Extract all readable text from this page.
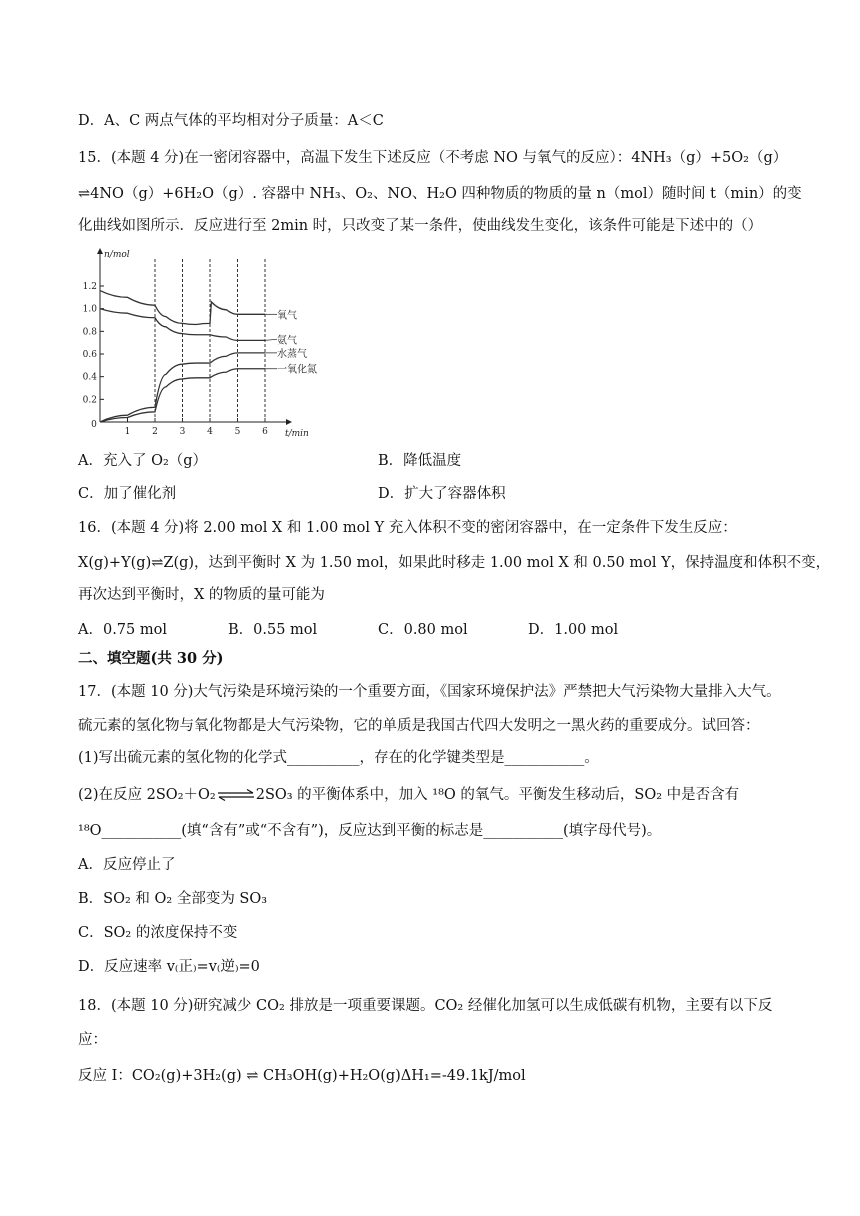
D．A、C 两点气体的平均相对分子质量：A＜C
15．(本题 4 分)在一密闭容器中，高温下发生下述反应（不考虑 NO 与氧气的反应）：4NH₃（g）+5O₂（g）
⇌4NO（g）+6H₂O（g）. 容器中 NH₃、O₂、NO、H₂O 四种物质的物质的量 n（mol）随时间 t（min）的变
化曲线如图所示．反应进行至 2min 时，只改变了某一条件，使曲线发生变化，该条件可能是下述中的（）
n/mol
t/min
0.2
0.4
0.6
0.8
1.0
1.2
0
1 2 3 4 5 6
氧气
氨气
水蒸气
一氧化氮
A．充入了 O₂（g）	B．降低温度
C．加了催化剂	D．扩大了容器体积
16．(本题 4 分)将 2.00 mol X 和 1.00 mol Y 充入体积不变的密闭容器中，在一定条件下发生反应：
X(g)+Y(g)⇌Z(g)，达到平衡时 X 为 1.50 mol，如果此时移走 1.00 mol X 和 0.50 mol Y，保持温度和体积不变，
再次达到平衡时，X 的物质的量可能为
A．0.75 mol	B．0.55 mol	C．0.80 mol	D．1.00 mol
二、填空题(共 30 分)
17．(本题 10 分)大气污染是环境污染的一个重要方面，《国家环境保护法》严禁把大气污染物大量排入大气。
硫元素的氢化物与氧化物都是大气污染物，它的单质是我国古代四大发明之一黑火药的重要成分。试回答：
(1)写出硫元素的氢化物的化学式__________，存在的化学键类型是___________。
(2)在反应 2SO₂＋O₂⇌2SO₃ 的平衡体系中，加入 ¹⁸O 的氧气。平衡发生移动后，SO₂ 中是否含有
¹⁸O___________(填“含有”或“不含有”)，反应达到平衡的标志是___________(填字母代号)。
A．反应停止了
B．SO₂ 和 O₂ 全部变为 SO₃
C．SO₂ 的浓度保持不变
D．反应速率 v₍正₎=v₍逆₎=0
18．(本题 10 分)研究减少 CO₂ 排放是一项重要课题。CO₂ 经催化加氢可以生成低碳有机物，主要有以下反
应：
反应 I：CO₂(g)+3H₂(g) ⇌ CH₃OH(g)+H₂O(g)ΔH₁=-49.1kJ/mol
